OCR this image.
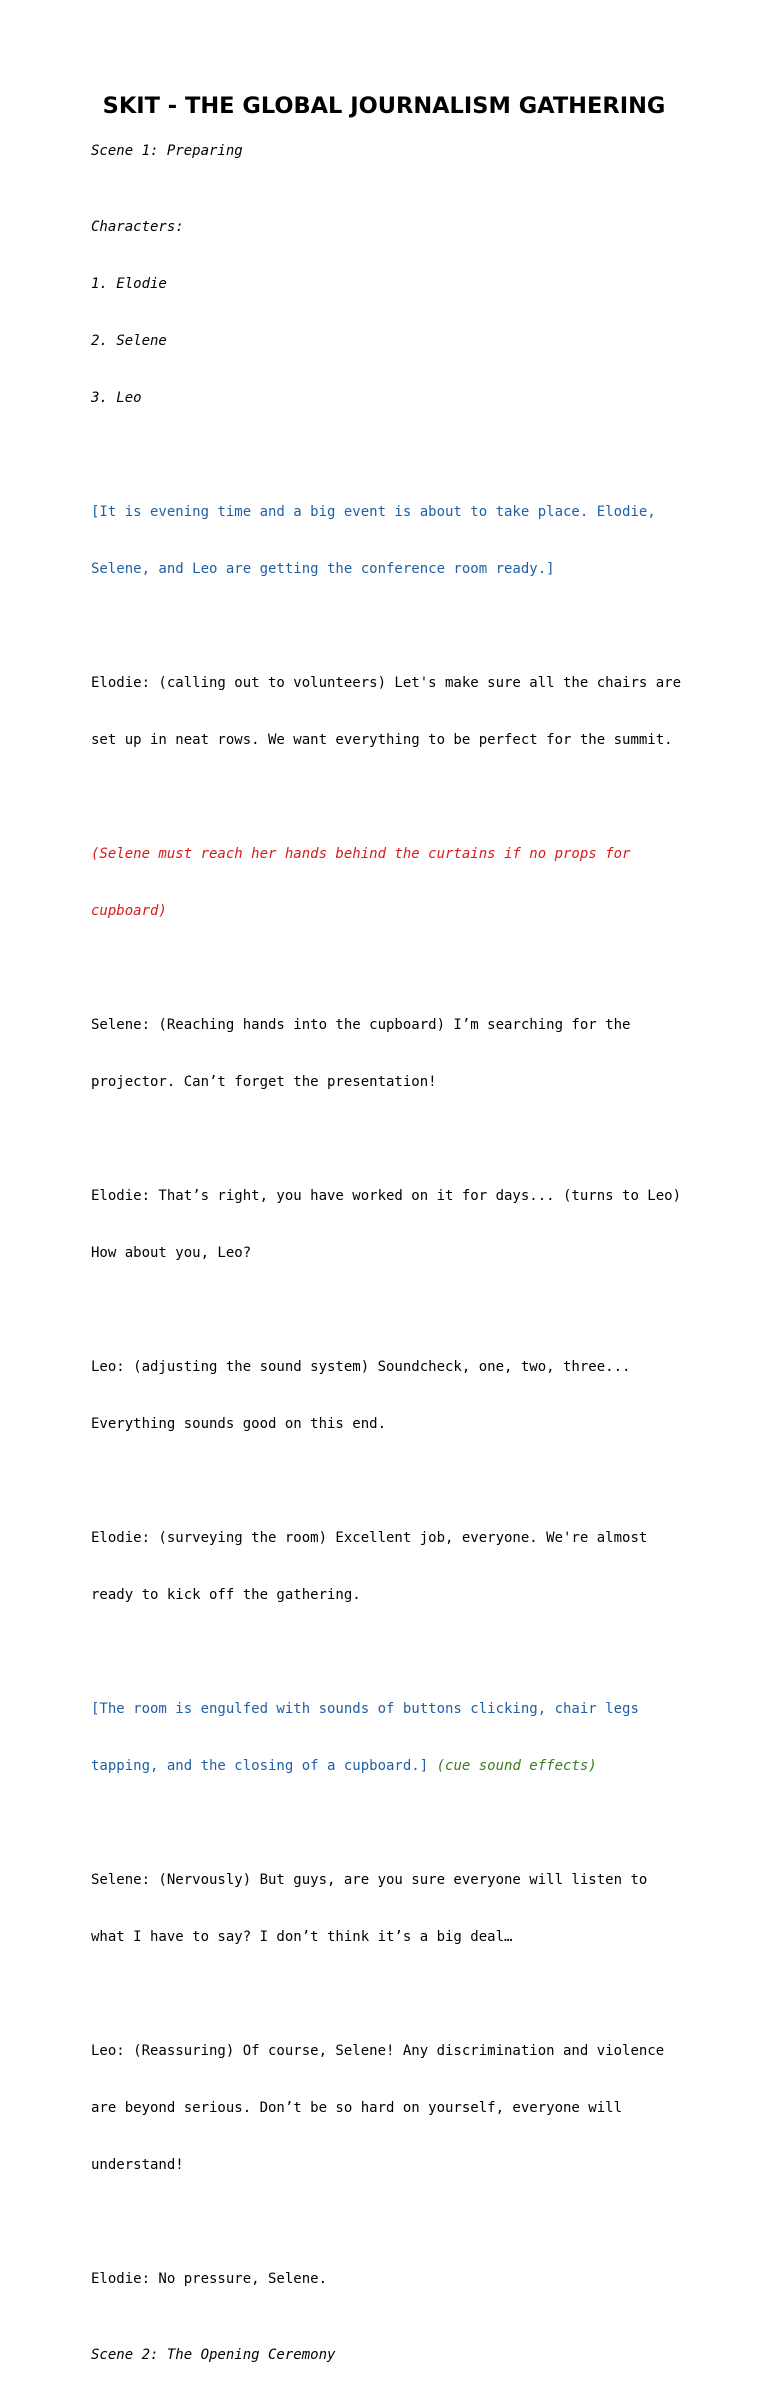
SKIT - THE GLOBAL JOURNALISM GATHERING
Scene 1: Preparing

Characters:

1. Elodie

2. Selene

3. Leo

[It is evening time and a big event is about to take place. Elodie,

Selene, and Leo are getting the conference room ready.]

Elodie: (calling out to volunteers) Let's make sure all the chairs are

set up in neat rows. We want everything to be perfect for the summit.

(Selene must reach her hands behind the curtains if no props for

cupboard)

Selene: (Reaching hands into the cupboard) I’m searching for the

projector. Can’t forget the presentation!

Elodie: That’s right, you have worked on it for days... (turns to Leo)

How about you, Leo?

Leo: (adjusting the sound system) Soundcheck, one, two, three...

Everything sounds good on this end.

Elodie: (surveying the room) Excellent job, everyone. We're almost

ready to kick off the gathering.

[The room is engulfed with sounds of buttons clicking, chair legs

tapping, and the closing of a cupboard.] (cue sound effects)

Selene: (Nervously) But guys, are you sure everyone will listen to

what I have to say? I don’t think it’s a big deal…

Leo: (Reassuring) Of course, Selene! Any discrimination and violence

are beyond serious. Don’t be so hard on yourself, everyone will

understand!

Elodie: No pressure, Selene.

Scene 2: The Opening Ceremony
